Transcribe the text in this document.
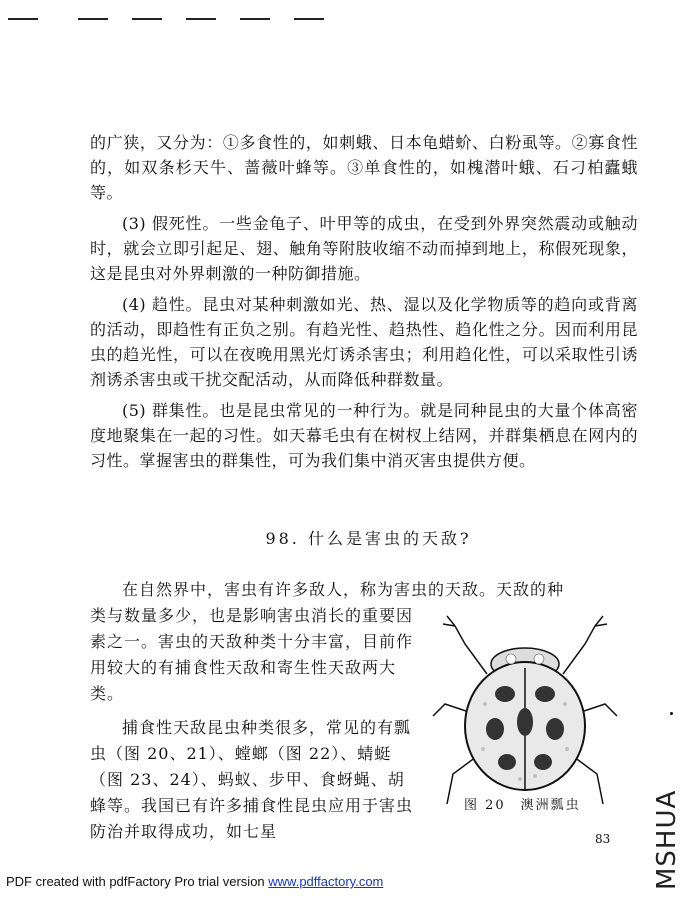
的广狭，又分为：①多食性的，如刺蛾、日本龟蜡蚧、白粉虱等。②寡食性的，如双条杉天牛、蔷薇叶蜂等。③单食性的，如槐潜叶蛾、石刁柏蠹蛾等。

(3) 假死性。一些金龟子、叶甲等的成虫，在受到外界突然震动或触动时，就会立即引起足、翅、触角等附肢收缩不动而掉到地上，称假死现象，这是昆虫对外界刺激的一种防御措施。

(4) 趋性。昆虫对某种刺激如光、热、湿以及化学物质等的趋向或背离的活动，即趋性有正负之别。有趋光性、趋热性、趋化性之分。因而利用昆虫的趋光性，可以在夜晚用黑光灯诱杀害虫；利用趋化性，可以采取性引诱剂诱杀害虫或干扰交配活动，从而降低种群数量。

(5) 群集性。也是昆虫常见的一种行为。就是同种昆虫的大量个体高密度地聚集在一起的习性。如天幕毛虫有在树杈上结网，并群集栖息在网内的习性。掌握害虫的群集性，可为我们集中消灭害虫提供方便。

98. 什么是害虫的天敌?
在自然界中，害虫有许多敌人，称为害虫的天敌。天敌的种
类与数量多少，也是影响害虫消长的重要因素之一。害虫的天敌种类十分丰富，目前作用较大的有捕食性天敌和寄生性天敌两大类。
捕食性天敌昆虫种类很多，常见的有瓢虫（图 20、21）、螳螂（图 22）、蜻蜓（图 23、24）、蚂蚁、步甲、食蚜蝇、胡蜂等。我国已有许多捕食性昆虫应用于害虫防治并取得成功，如七星
图 20　澳洲瓢虫
83 MSHUA
PDF created with pdfFactory Pro trial version www.pdffactory.com
